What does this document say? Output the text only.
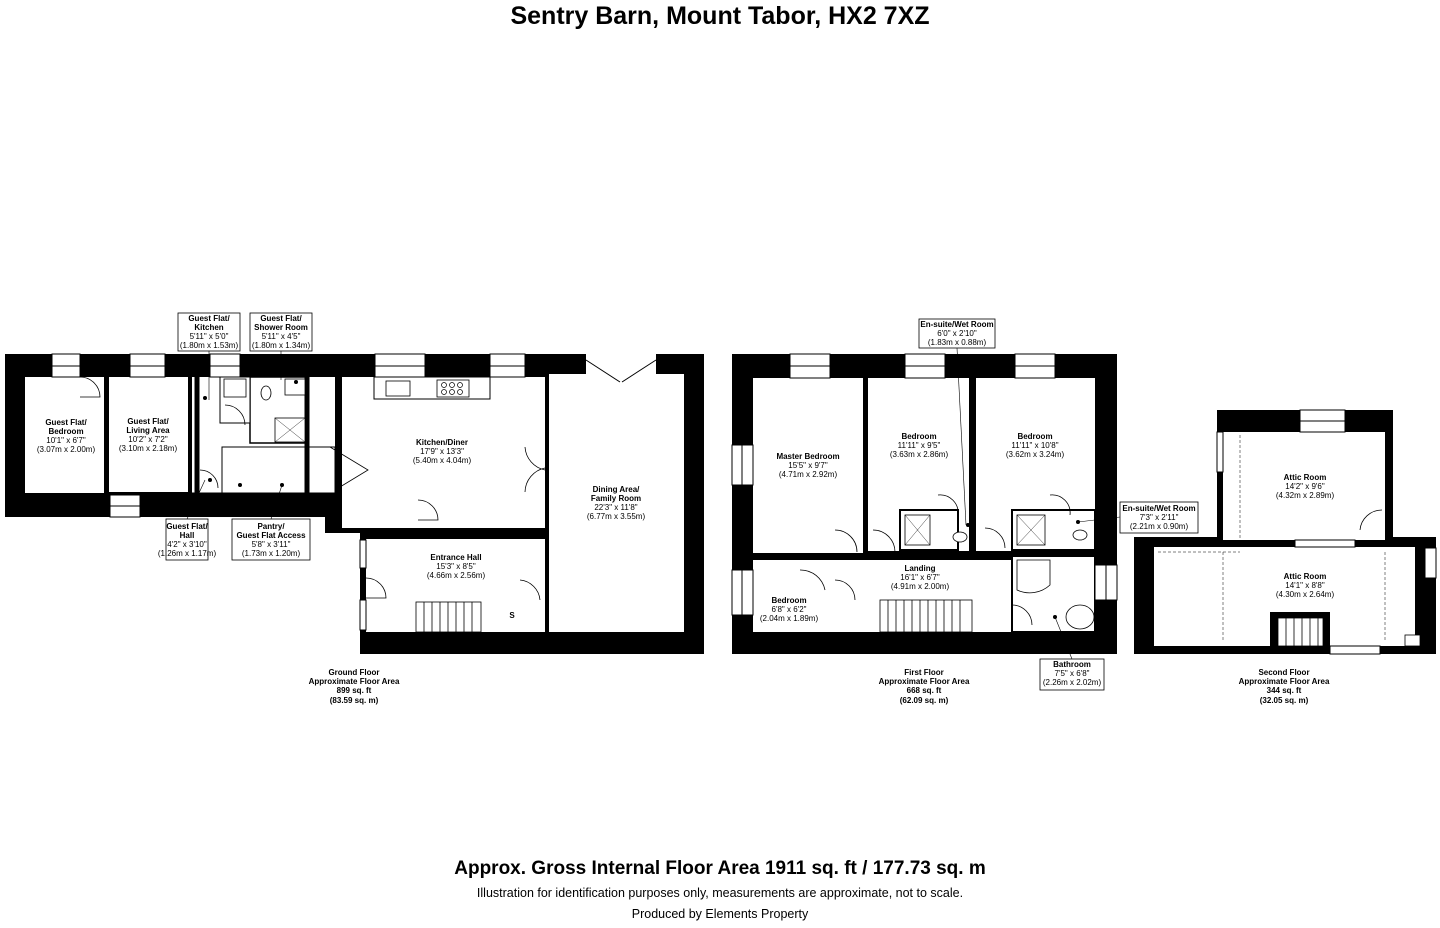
Sentry Barn, Mount Tabor, HX2 7XZ
Guest Flat/
Bedroom
10'1" x 6'7"
(3.07m x 2.00m)
Guest Flat/
Living Area
10'2" x 7'2"
(3.10m x 2.18m)
Guest Flat/
Kitchen
5'11" x 5'0"
(1.80m x 1.53m)
Guest Flat/
Shower Room
5'11" x 4'5"
(1.80m x 1.34m)
Guest Flat/
Hall
4'2" x 3'10"
(1.26m x 1.17m)
Pantry/
Guest Flat Access
5'8" x 3'11"
(1.73m x 1.20m)
Kitchen/Diner
17'9" x 13'3"
(5.40m x 4.04m)
Dining Area/
Family Room
22'3" x 11'8"
(6.77m x 3.55m)
Entrance Hall
15'3" x 8'5"
(4.66m x 2.56m)
S
Master Bedroom
15'5" x 9'7"
(4.71m x 2.92m)
Bedroom
11'11" x 9'5"
(3.63m x 2.86m)
Bedroom
11'11" x 10'8"
(3.62m x 3.24m)
En-suite/Wet Room
6'0" x 2'10"
(1.83m x 0.88m)
En-suite/Wet Room
7'3" x 2'11"
(2.21m x 0.90m)
Landing
16'1" x 6'7"
(4.91m x 2.00m)
Bedroom
6'8" x 6'2"
(2.04m x 1.89m)
Bathroom
7'5" x 6'8"
(2.26m x 2.02m)
Attic Room
14'2" x 9'6"
(4.32m x 2.89m)
Attic Room
14'1" x 8'8"
(4.30m x 2.64m)
Ground Floor
Approximate Floor Area
899 sq. ft
(83.59 sq. m)
First Floor
Approximate Floor Area
668 sq. ft
(62.09 sq. m)
Second Floor
Approximate Floor Area
344 sq. ft
(32.05 sq. m)
Approx. Gross Internal Floor Area 1911 sq. ft / 177.73 sq. m
Illustration for identification purposes only, measurements are approximate, not to scale.
Produced by Elements Property
